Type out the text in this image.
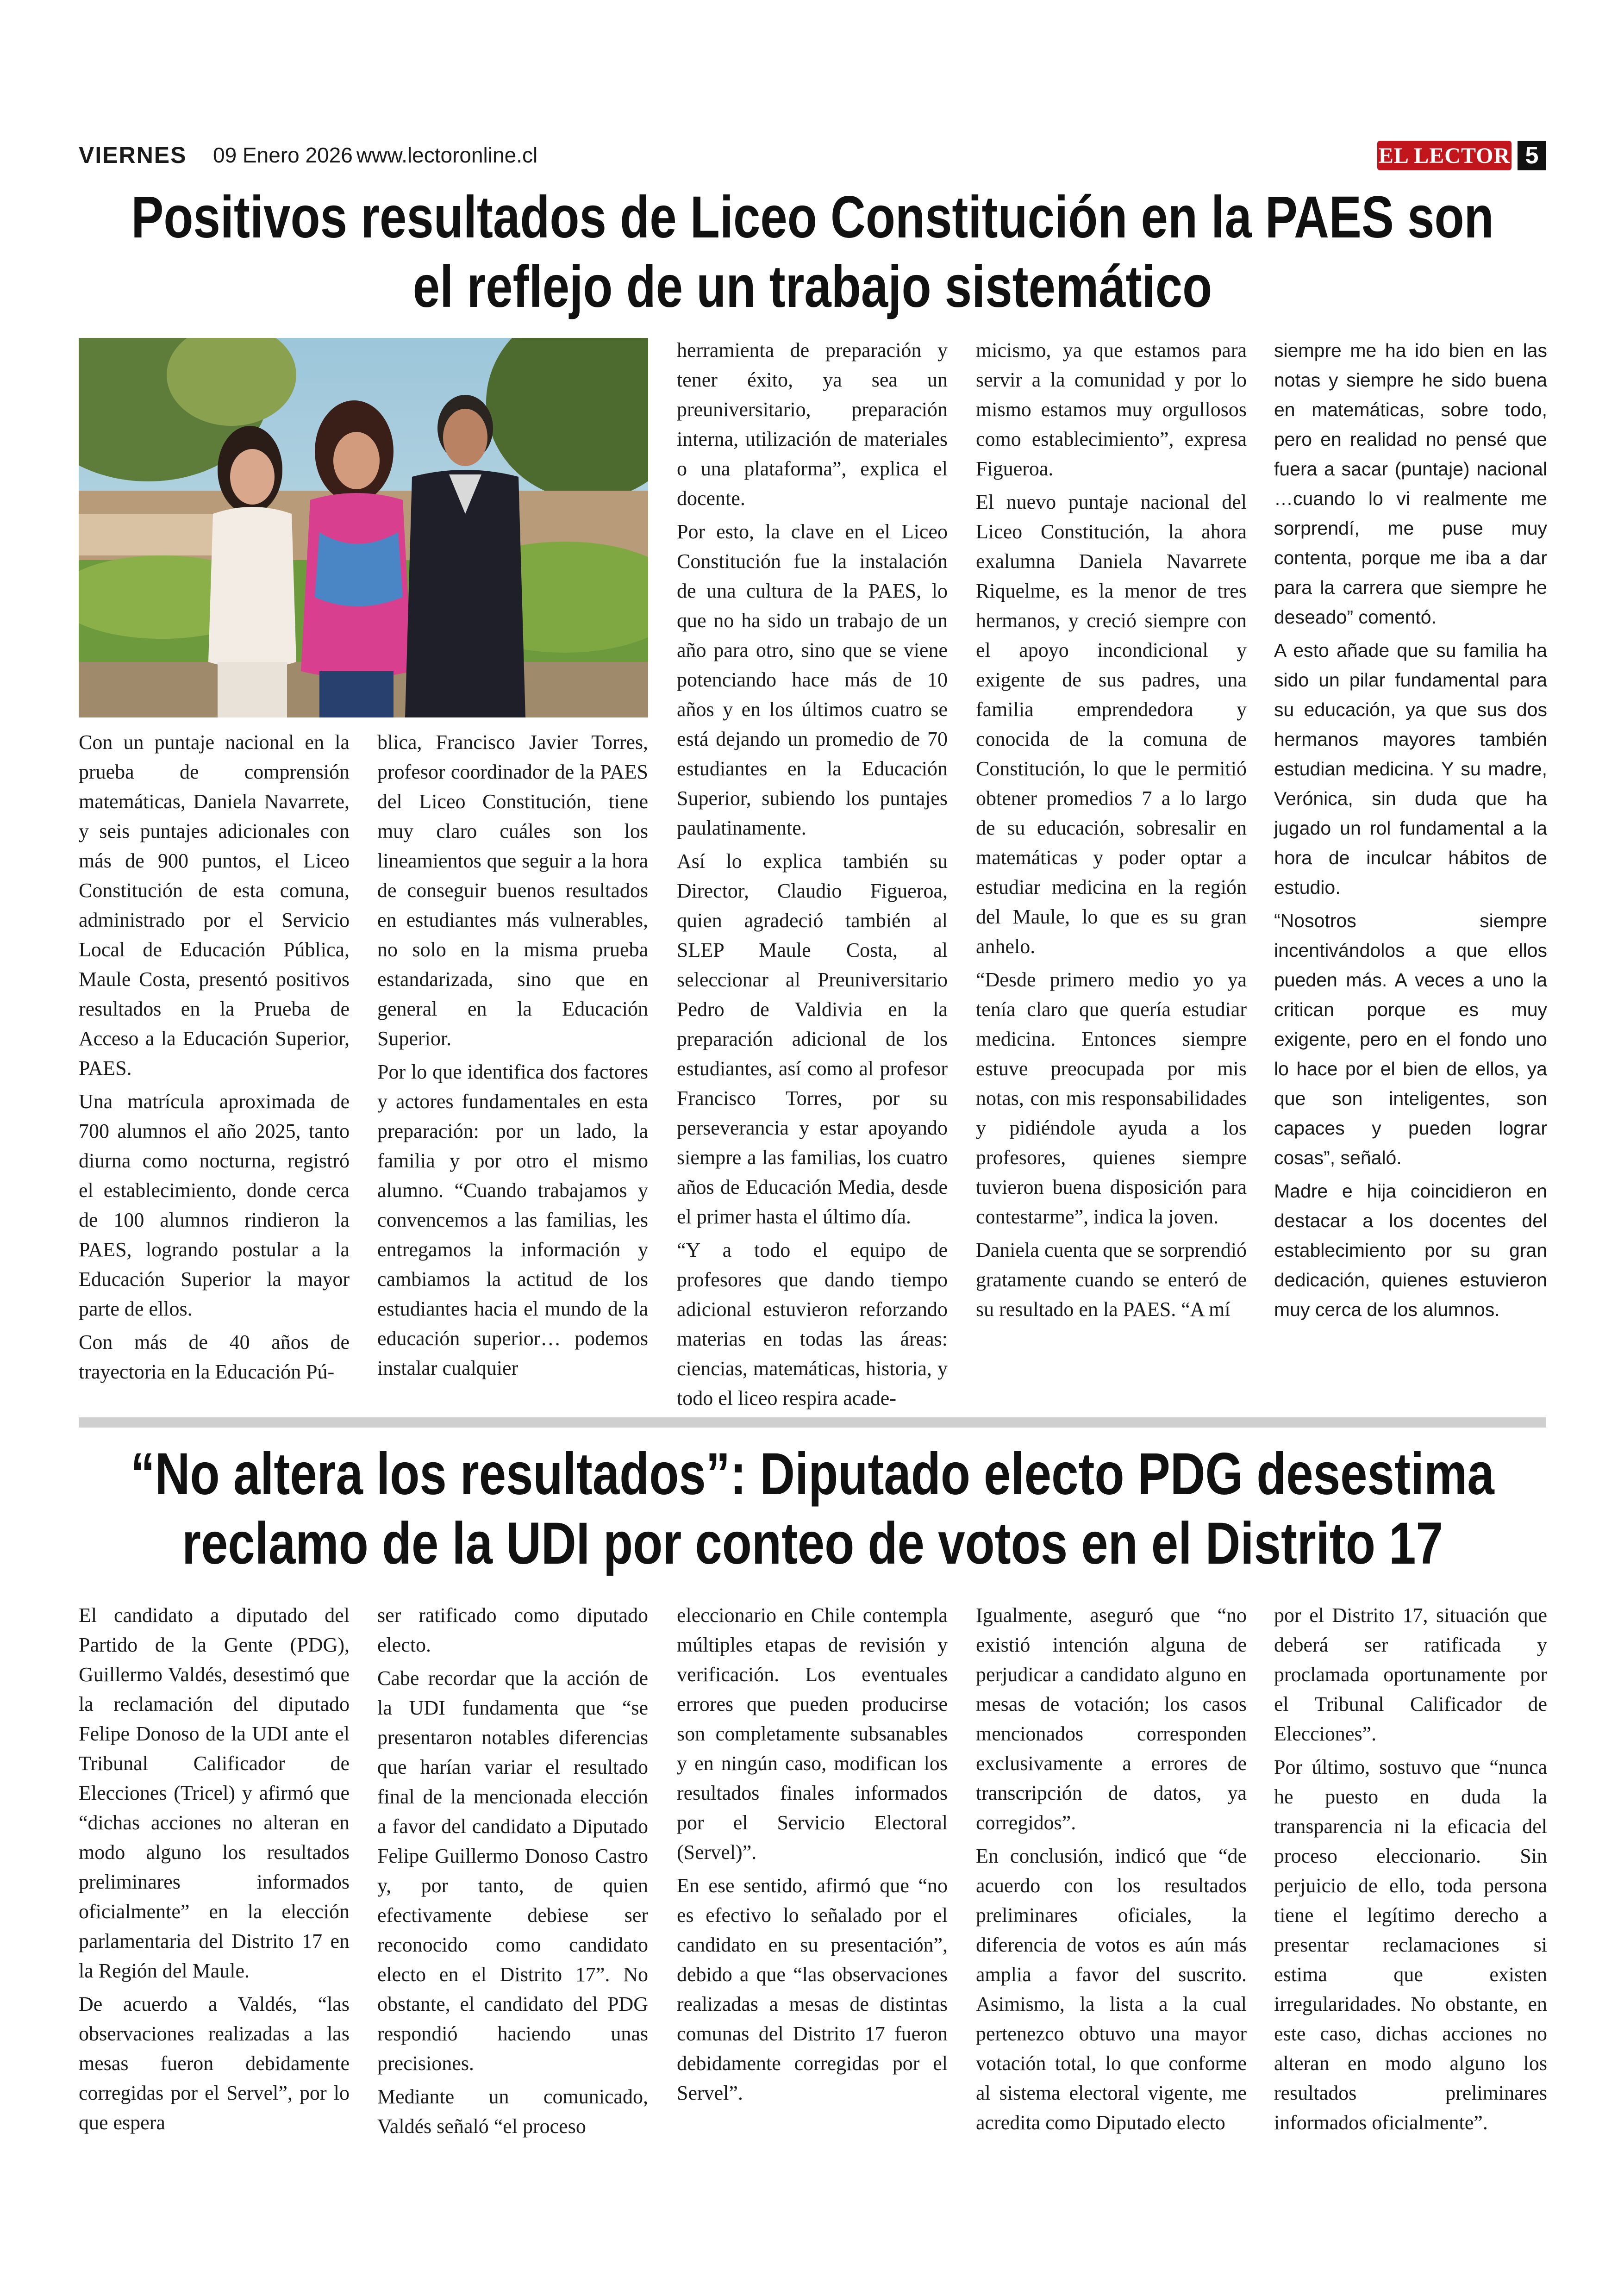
VIERNES 09 Enero 2026 www.lectoronline.cl	EL LECTOR 5
Positivos resultados de Liceo Constitución en la PAES son
el reflejo de un trabajo sistemático

Con un puntaje nacional en la prueba de comprensión matemáticas, Daniela Navarrete, y seis puntajes adicionales con más de 900 puntos, el Liceo Constitución de esta comuna, administrado por el Servicio Local de Educación Pública, Maule Costa, presentó positivos resultados en la Prueba de Acceso a la Educación Superior, PAES.

Una matrícula aproximada de 700 alumnos el año 2025, tanto diurna como nocturna, registró el establecimiento, donde cerca de 100 alumnos rindieron la PAES, logrando postular a la Educación Superior la mayor parte de ellos.

Con más de 40 años de trayectoria en la Educación Pú-

blica, Francisco Javier Torres, profesor coordinador de la PAES del Liceo Constitución, tiene muy claro cuáles son los lineamientos que seguir a la hora de conseguir buenos resultados en estudiantes más vulnerables, no solo en la misma prueba estandarizada, sino que en general en la Educación Superior.

Por lo que identifica dos factores y actores fundamentales en esta preparación: por un lado, la familia y por otro el mismo alumno. “Cuando trabajamos y convencemos a las familias, les entregamos la información y cambiamos la actitud de los estudiantes hacia el mundo de la educación superior… podemos instalar cualquier

herramienta de preparación y tener éxito, ya sea un preuniversitario, preparación interna, utilización de materiales o una plataforma”, explica el docente.

Por esto, la clave en el Liceo Constitución fue la instalación de una cultura de la PAES, lo que no ha sido un trabajo de un año para otro, sino que se viene potenciando hace más de 10 años y en los últimos cuatro se está dejando un promedio de 70 estudiantes en la Educación Superior, subiendo los puntajes paulatinamente.

Así lo explica también su Director, Claudio Figueroa, quien agradeció también al SLEP Maule Costa, al seleccionar al Preuniversitario Pedro de Valdivia en la preparación adicional de los estudiantes, así como al profesor Francisco Torres, por su perseverancia y estar apoyando siempre a las familias, los cuatro años de Educación Media, desde el primer hasta el último día.

“Y a todo el equipo de profesores que dando tiempo adicional estuvieron reforzando materias en todas las áreas: ciencias, matemáticas, historia, y todo el liceo respira acade-

micismo, ya que estamos para servir a la comunidad y por lo mismo estamos muy orgullosos como establecimiento”, expresa Figueroa.

El nuevo puntaje nacional del Liceo Constitución, la ahora exalumna Daniela Navarrete Riquelme, es la menor de tres hermanos, y creció siempre con el apoyo incondicional y exigente de sus padres, una familia emprendedora y conocida de la comuna de Constitución, lo que le permitió obtener promedios 7 a lo largo de su educación, sobresalir en matemáticas y poder optar a estudiar medicina en la región del Maule, lo que es su gran anhelo.

“Desde primero medio yo ya tenía claro que quería estudiar medicina. Entonces siempre estuve preocupada por mis notas, con mis responsabilidades y pidiéndole ayuda a los profesores, quienes siempre tuvieron buena disposición para contestarme”, indica la joven.

Daniela cuenta que se sorprendió gratamente cuando se enteró de su resultado en la PAES. “A mí

siempre me ha ido bien en las notas y siempre he sido buena en matemáticas, sobre todo, pero en realidad no pensé que fuera a sacar (puntaje) nacional …cuando lo vi realmente me sorprendí, me puse muy contenta, porque me iba a dar para la carrera que siempre he deseado” comentó.

A esto añade que su familia ha sido un pilar fundamental para su educación, ya que sus dos hermanos mayores también estudian medicina. Y su madre, Verónica, sin duda que ha jugado un rol fundamental a la hora de inculcar hábitos de estudio.

“Nosotros siempre incentivándolos a que ellos pueden más. A veces a uno la critican porque es muy exigente, pero en el fondo uno lo hace por el bien de ellos, ya que son inteligentes, son capaces y pueden lograr cosas”, señaló.

Madre e hija coincidieron en destacar a los docentes del establecimiento por su gran dedicación, quienes estuvieron muy cerca de los alumnos.

“No altera los resultados”: Diputado electo PDG desestima
reclamo de la UDI por conteo de votos en el Distrito 17

El candidato a diputado del Partido de la Gente (PDG), Guillermo Valdés, desestimó que la reclamación del diputado Felipe Donoso de la UDI ante el Tribunal Calificador de Elecciones (Tricel) y afirmó que “dichas acciones no alteran en modo alguno los resultados preliminares informados oficialmente” en la elección parlamentaria del Distrito 17 en la Región del Maule.

De acuerdo a Valdés, “las observaciones realizadas a las mesas fueron debidamente corregidas por el Servel”, por lo que espera

ser ratificado como diputado electo.

Cabe recordar que la acción de la UDI fundamenta que “se presentaron notables diferencias que harían variar el resultado final de la mencionada elección a favor del candidato a Diputado Felipe Guillermo Donoso Castro y, por tanto, de quien efectivamente debiese ser reconocido como candidato electo en el Distrito 17”. No obstante, el candidato del PDG respondió haciendo unas precisiones.

Mediante un comunicado, Valdés señaló “el proceso

eleccionario en Chile contempla múltiples etapas de revisión y verificación. Los eventuales errores que pueden producirse son completamente subsanables y en ningún caso, modifican los resultados finales informados por el Servicio Electoral (Servel)”.

En ese sentido, afirmó que “no es efectivo lo señalado por el candidato en su presentación”, debido a que “las observaciones realizadas a mesas de distintas comunas del Distrito 17 fueron debidamente corregidas por el Servel”.

Igualmente, aseguró que “no existió intención alguna de perjudicar a candidato alguno en mesas de votación; los casos mencionados corresponden exclusivamente a errores de transcripción de datos, ya corregidos”.

En conclusión, indicó que “de acuerdo con los resultados preliminares oficiales, la diferencia de votos es aún más amplia a favor del suscrito. Asimismo, la lista a la cual pertenezco obtuvo una mayor votación total, lo que conforme al sistema electoral vigente, me acredita como Diputado electo

por el Distrito 17, situación que deberá ser ratificada y proclamada oportunamente por el Tribunal Calificador de Elecciones”.

Por último, sostuvo que “nunca he puesto en duda la transparencia ni la eficacia del proceso eleccionario. Sin perjuicio de ello, toda persona tiene el legítimo derecho a presentar reclamaciones si estima que existen irregularidades. No obstante, en este caso, dichas acciones no alteran en modo alguno los resultados preliminares informados oficialmente”.
